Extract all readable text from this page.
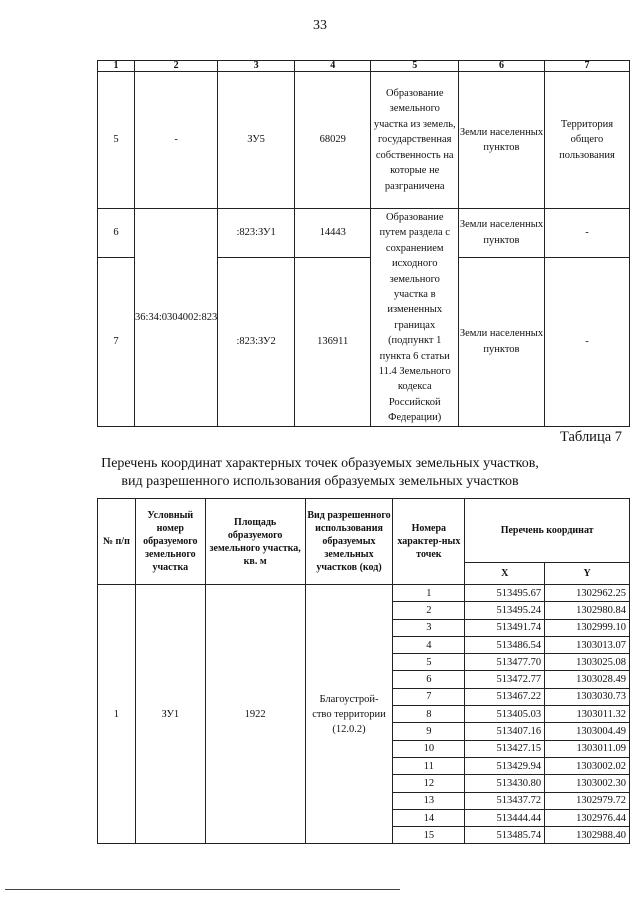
33
1	2	3	4	5	6	7
5	-	ЗУ5	68029	Образование земельного участка из земель, государственная собственность на которые не разграничена	Земли населенных пунктов	Территория общего пользования
6	36:34:0304002:823	:823:ЗУ1	14443	Образование путем раздела с сохранением исходного земельного участка в измененных границах (подпункт 1 пункта 6 статьи 11.4 Земельного кодекса Российской Федерации)	Земли населенных пунктов	-
7		:823:ЗУ2	136911		Земли населенных пунктов	-
Таблица 7
Перечень координат характерных точек образуемых земельных участков,
вид разрешенного использования образуемых земельных участков
№ п/п	Условный номер образуемого земельного участка	Площадь образуемого земельного участка, кв. м	Вид разрешенного использования образуемых земельных участков (код)	Номера характер-ных точек	Перечень координат	
					X	Y
1	ЗУ1	1922	Благоустрой-ство территории (12.0.2)	1	513495.67	1302962.25
				2	513495.24	1302980.84
				3	513491.74	1302999.10
				4	513486.54	1303013.07
				5	513477.70	1303025.08
				6	513472.77	1303028.49
				7	513467.22	1303030.73
				8	513405.03	1303011.32
				9	513407.16	1303004.49
				10	513427.15	1303011.09
				11	513429.94	1303002.02
				12	513430.80	1303002.30
				13	513437.72	1302979.72
				14	513444.44	1302976.44
				15	513485.74	1302988.40
